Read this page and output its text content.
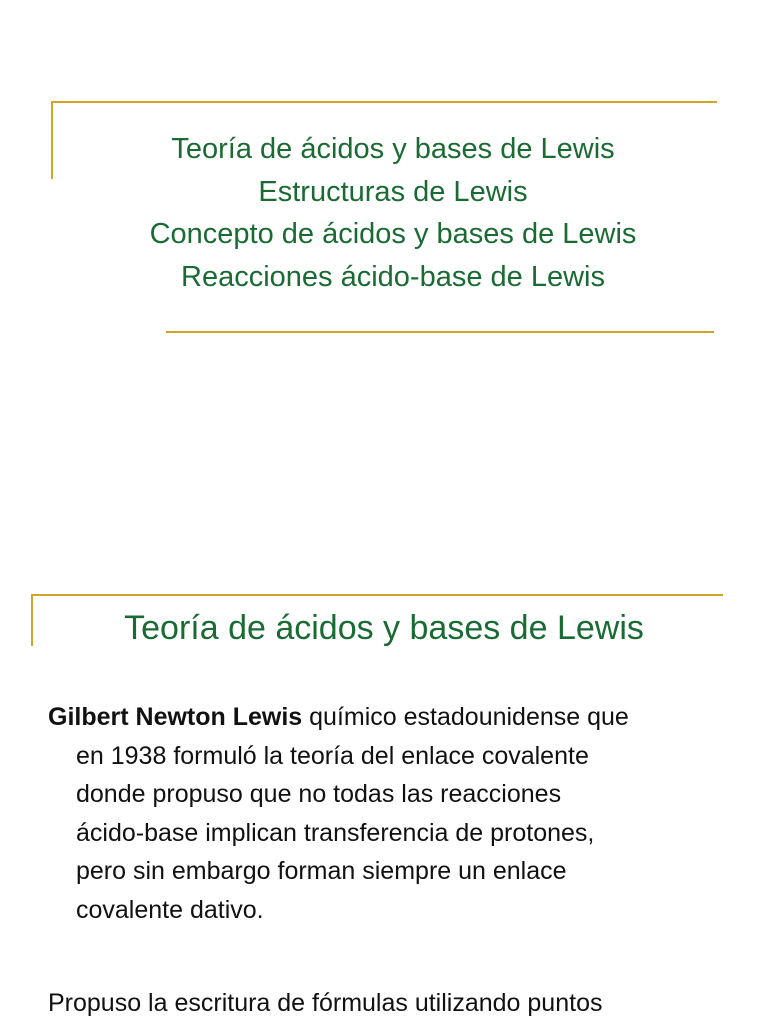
Teoría de ácidos y bases de Lewis
Estructuras de Lewis
Concepto de ácidos y bases de Lewis
Reacciones ácido-base de Lewis
Teoría de ácidos y bases de Lewis
Gilbert Newton Lewis químico estadounidense que
en 1938 formuló la teoría del enlace covalente
donde propuso que no todas las reacciones
ácido-base implican transferencia de protones,
pero sin embargo forman siempre un enlace
covalente dativo.
Propuso la escritura de fórmulas utilizando puntos
